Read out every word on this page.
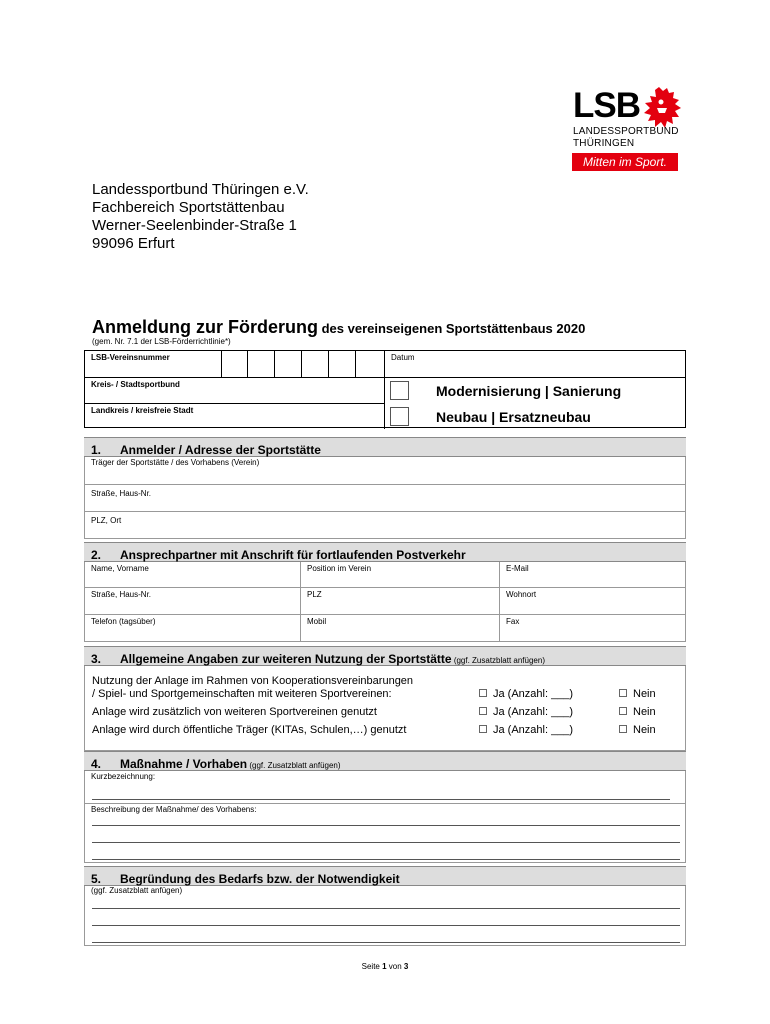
LSB
LANDESSPORTBUND
THÜRINGEN
Mitten im Sport.
Landessportbund Thüringen e.V.
Fachbereich Sportstättenbau
Werner-Seelenbinder-Straße 1
99096 Erfurt
Anmeldung zur Förderung des vereinseigenen Sportstättenbaus 2020
(gem. Nr. 7.1 der LSB-Förderrichtlinie*)
LSB-Vereinsnummer	Datum
Kreis- / Stadtsportbund
Landkreis / kreisfreie Stadt
Modernisierung | Sanierung
Neubau | Ersatzneubau
1. Anmelder / Adresse der Sportstätte
Träger der Sportstätte / des Vorhabens (Verein)
Straße, Haus-Nr.
PLZ, Ort
2. Ansprechpartner mit Anschrift für fortlaufenden Postverkehr
Name, Vorname	Position im Verein	E-Mail
Straße, Haus-Nr.	PLZ	Wohnort
Telefon (tagsüber)	Mobil	Fax
3. Allgemeine Angaben zur weiteren Nutzung der Sportstätte (ggf. Zusatzblatt anfügen)
Nutzung der Anlage im Rahmen von Kooperationsvereinbarungen
/ Spiel- und Sportgemeinschaften mit weiteren Sportvereinen:	Ja (Anzahl: ___)	Nein
Anlage wird zusätzlich von weiteren Sportvereinen genutzt	Ja (Anzahl: ___)	Nein
Anlage wird durch öffentliche Träger (KITAs, Schulen,…) genutzt	Ja (Anzahl: ___)	Nein
4. Maßnahme / Vorhaben (ggf. Zusatzblatt anfügen)
Kurzbezeichnung:
Beschreibung der Maßnahme/ des Vorhabens:
5. Begründung des Bedarfs bzw. der Notwendigkeit
(ggf. Zusatzblatt anfügen)
Seite 1 von 3
